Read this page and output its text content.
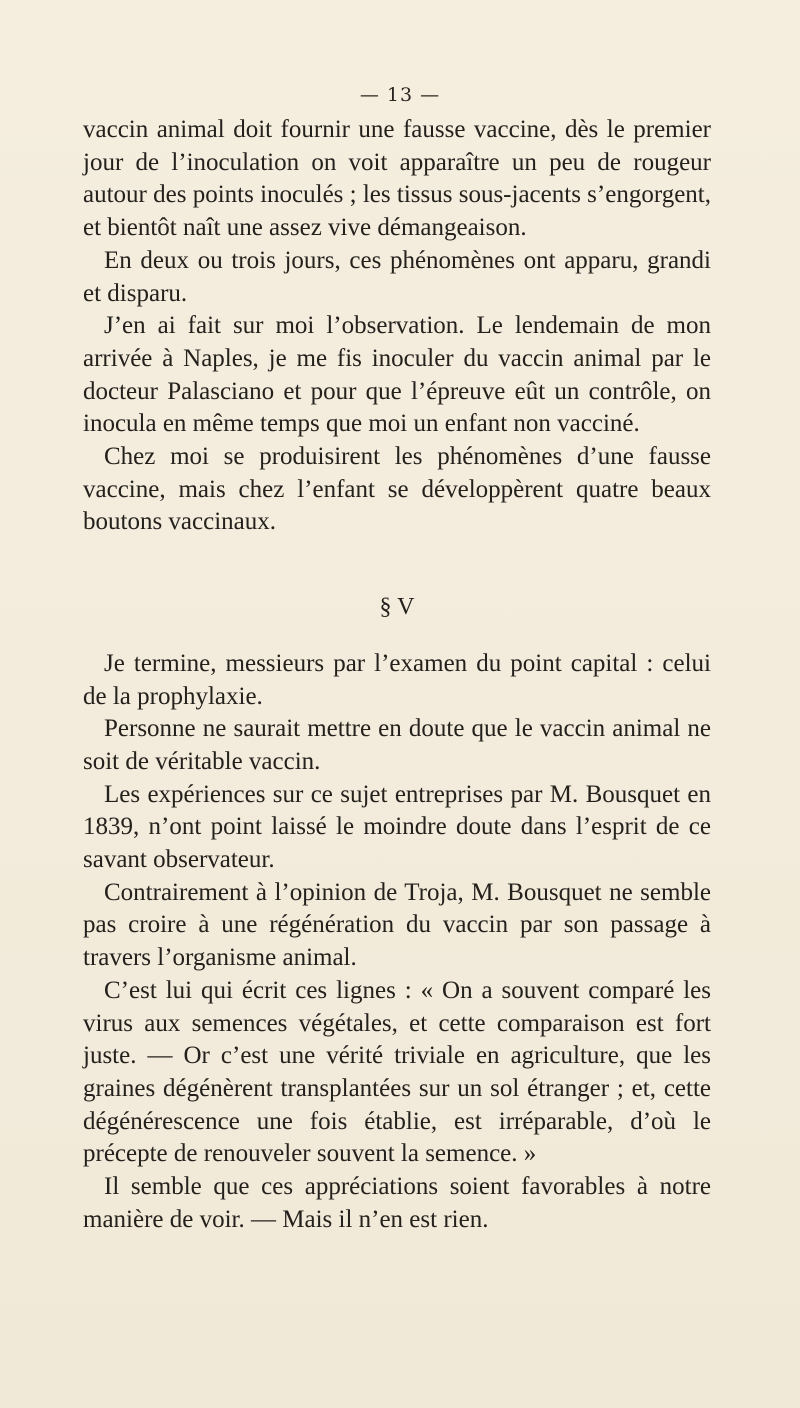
— 13 —

vaccin animal doit fournir une fausse vaccine, dès le premier jour de l’inoculation on voit apparaître un peu de rougeur autour des points inoculés ; les tissus sous-jacents s’engorgent, et bientôt naît une assez vive démangeaison.

En deux ou trois jours, ces phénomènes ont apparu, grandi et disparu.

J’en ai fait sur moi l’observation. Le lendemain de mon arrivée à Naples, je me fis inoculer du vaccin animal par le docteur Palasciano et pour que l’épreuve eût un contrôle, on inocula en même temps que moi un enfant non vacciné.

Chez moi se produisirent les phénomènes d’une fausse vaccine, mais chez l’enfant se développèrent quatre beaux boutons vaccinaux.

§ V

Je termine, messieurs par l’examen du point capital : celui de la prophylaxie.

Personne ne saurait mettre en doute que le vaccin animal ne soit de véritable vaccin.

Les expériences sur ce sujet entreprises par M. Bousquet en 1839, n’ont point laissé le moindre doute dans l’esprit de ce savant observateur.

Contrairement à l’opinion de Troja, M. Bousquet ne semble pas croire à une régénération du vaccin par son passage à travers l’organisme animal.

C’est lui qui écrit ces lignes : « On a souvent comparé les virus aux semences végétales, et cette comparaison est fort juste. — Or c’est une vérité triviale en agriculture, que les graines dégénèrent transplantées sur un sol étranger ; et, cette dégénérescence une fois établie, est irréparable, d’où le précepte de renouveler souvent la semence. »

Il semble que ces appréciations soient favorables à notre manière de voir. — Mais il n’en est rien.
